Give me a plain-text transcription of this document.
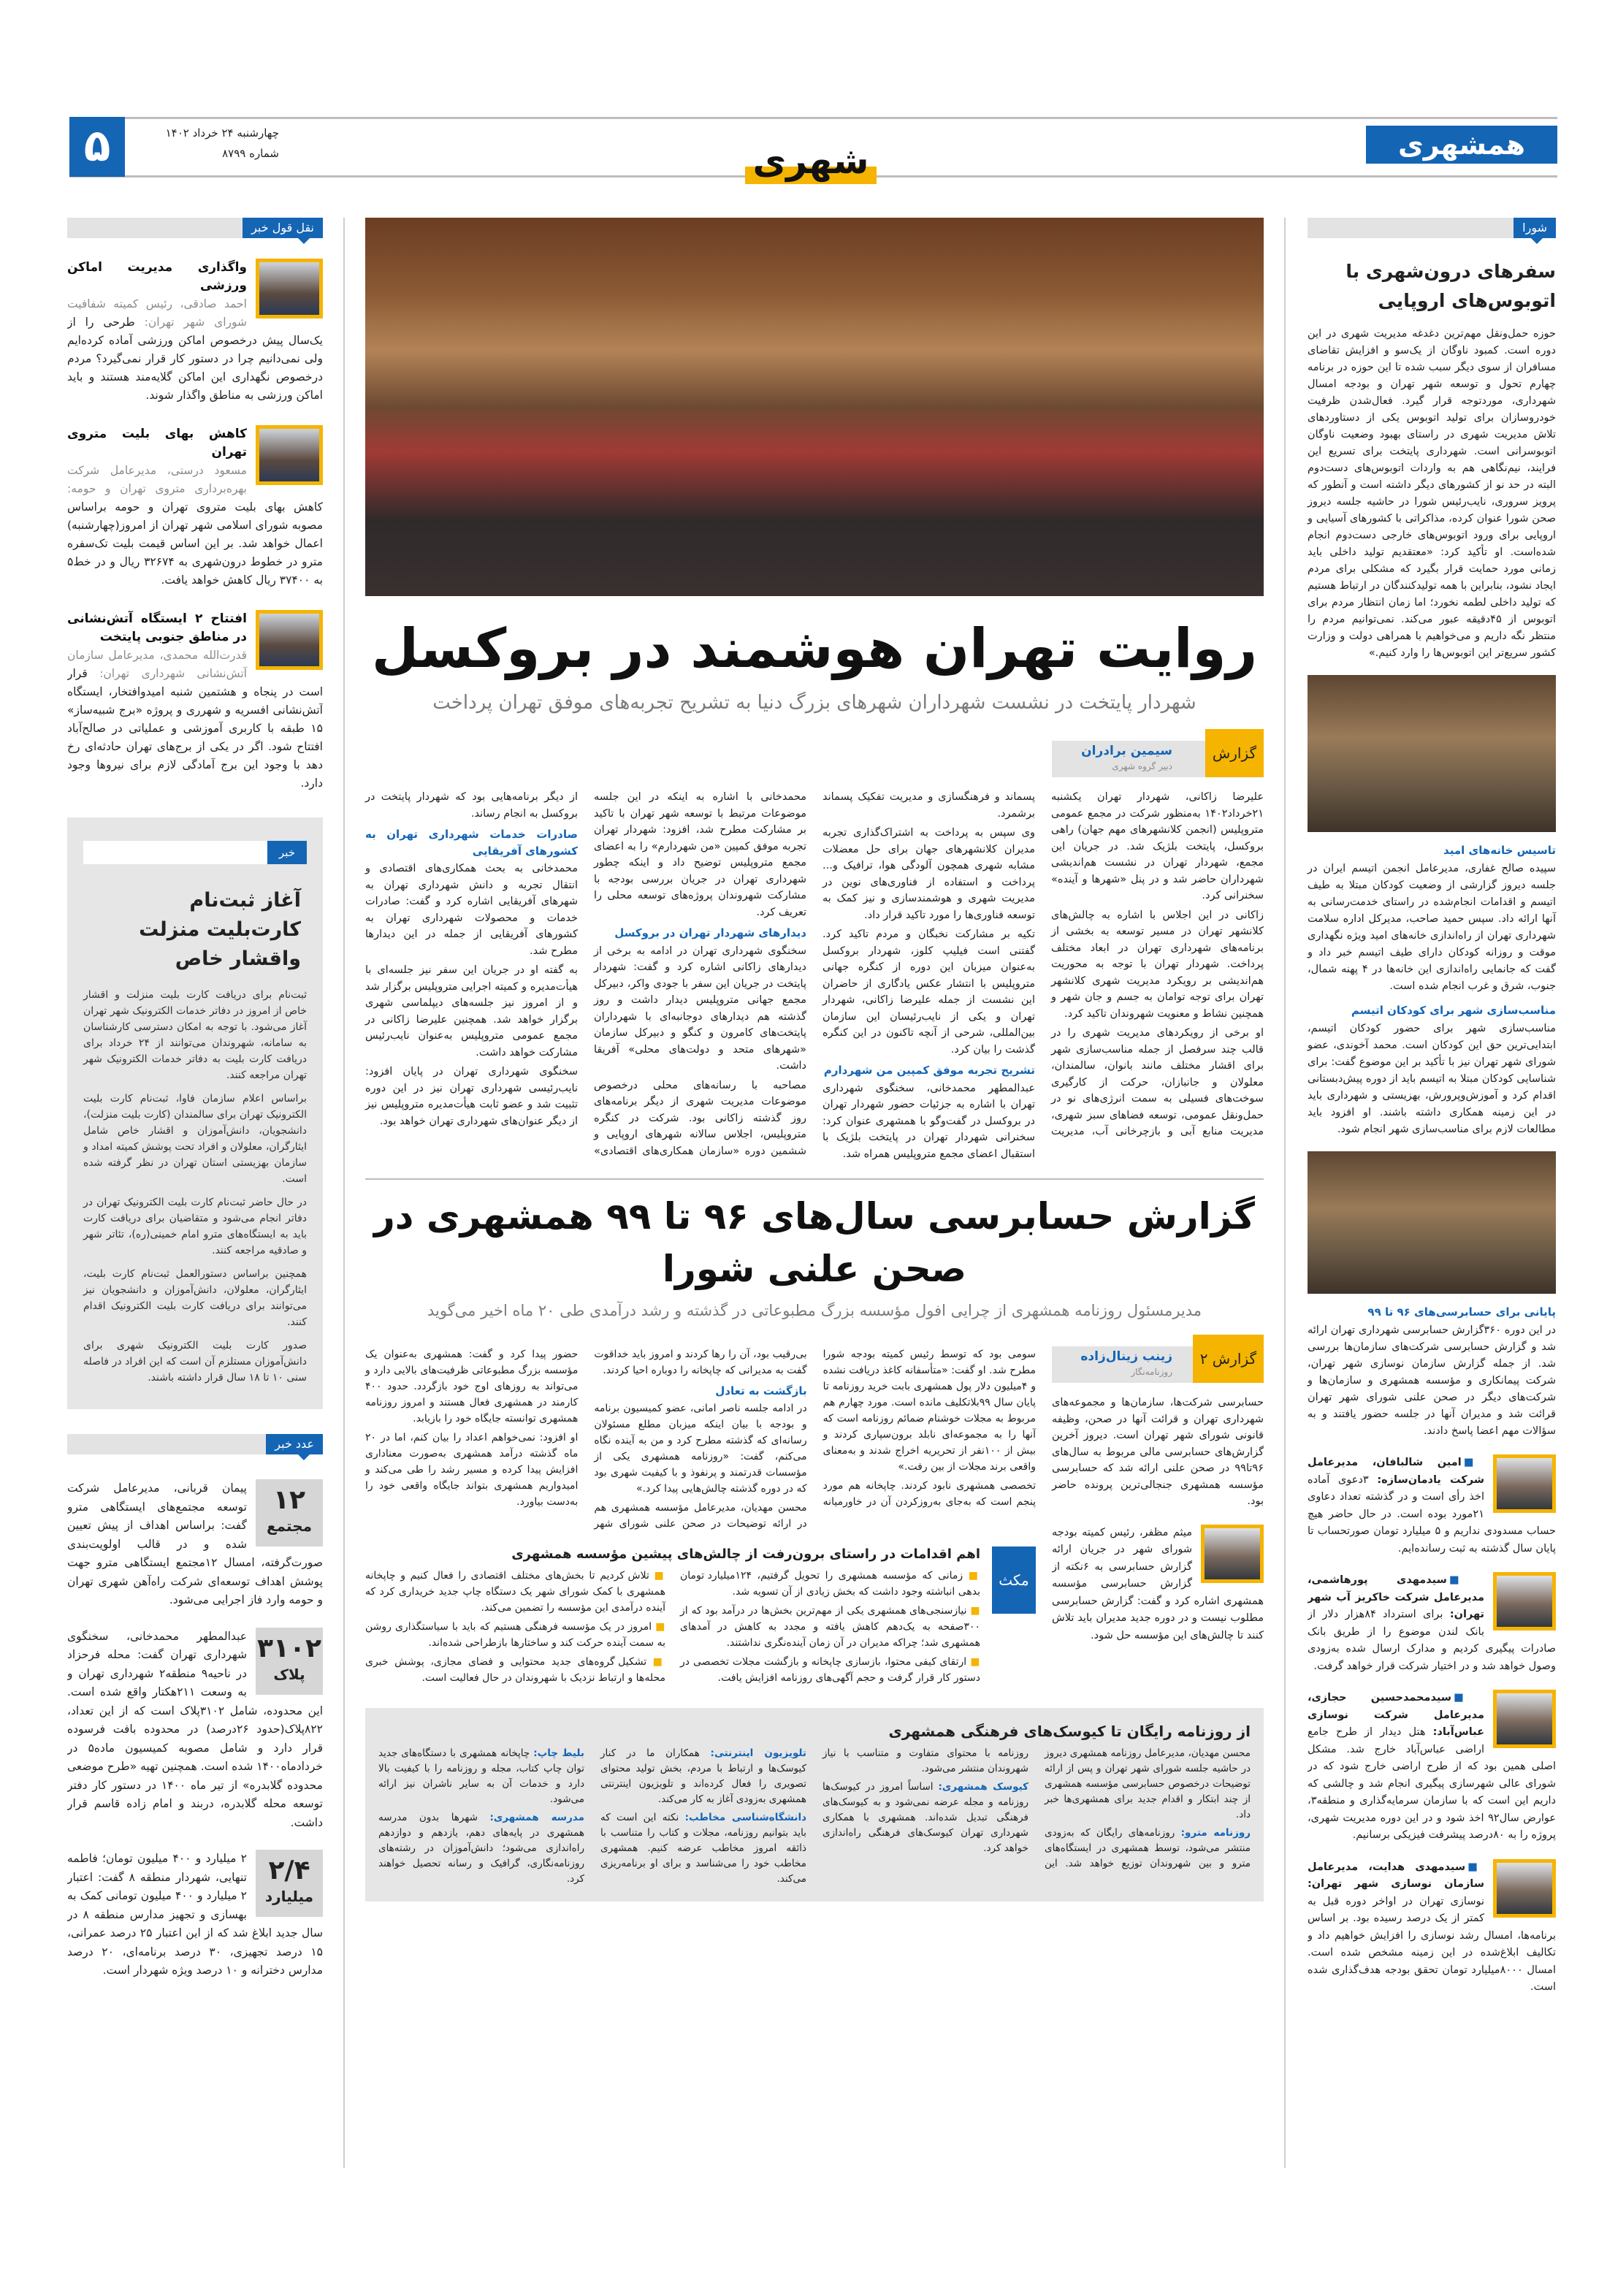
همشهری
۵	چهارشنبه ۲۴ خرداد ۱۴۰۲
شماره ۸۷۹۹	شهری
نقل قول خبر
واگذاری مدیریت اماکن ورزشی
احمد صادقی، رئیس کمیته شفافیت شورای شهر تهران: طرحی را از یک‌سال پیش درخصوص اماکن ورزشی آماده کرده‌ایم ولی نمی‌دانیم چرا در دستور کار قرار نمی‌گیرد؟ مردم درخصوص نگهداری این اماکن گلایه‌مند هستند و باید اماکن ورزشی به مناطق واگذار شوند.
کاهش بهای بلیت متروی تهران
مسعود درستی، مدیرعامل شرکت بهره‌برداری متروی تهران و حومه: کاهش بهای بلیت متروی تهران و حومه براساس مصوبه شورای اسلامی شهر تهران از امروز(چهارشنبه) اعمال خواهد شد. بر این اساس قیمت بلیت تک‌سفره مترو در خطوط درون‌شهری به ۳۲۶۷۴ ریال و در خط۵ به ۳۷۴۰۰ ریال کاهش خواهد یافت.
افتتاح ۲ ایستگاه آتش‌نشانی در مناطق جنوبی پایتخت
قدرت‌الله محمدی، مدیرعامل سازمان آتش‌نشانی شهرداری تهران: قرار است در پنجاه و هشتمین شنبه امیدوافتخار، ایستگاه آتش‌نشانی افسریه و شهرری و پروژه «برج شبیه‌ساز» ۱۵ طبقه با کاربری آموزشی و عملیاتی در صالح‌آباد افتتاح شود. اگر در یکی از برج‌های تهران حادثه‌ای رخ دهد با وجود این برج آمادگی لازم برای نیروها وجود دارد.
خبر
آغاز ثبت‌نام کارت‌بلیت منزلت واقشار خاص

ثبت‌نام برای دریافت کارت بلیت منزلت و اقشار خاص از امروز در دفاتر خدمات الکترونیک شهر تهران آغاز می‌شود. با توجه به امکان دسترسی کارشناسان به سامانه، شهروندان می‌توانند از ۲۴ خرداد برای دریافت کارت بلیت به دفاتر خدمات الکترونیک شهر تهران مراجعه کنند.

براساس اعلام سازمان فاوا، ثبت‌نام کارت بلیت الکترونیک تهران برای سالمندان (کارت بلیت منزلت)، دانشجویان، دانش‌آموزان و اقشار خاص شامل ایثارگران، معلولان و افراد تحت پوشش کمیته امداد و سازمان بهزیستی استان تهران در نظر گرفته شده است.

در حال حاضر ثبت‌نام کارت بلیت الکترونیک تهران در دفاتر انجام می‌شود و متقاضیان برای دریافت کارت باید به ایستگاه‌های مترو امام خمینی(ره)، تئاتر شهر و صادقیه مراجعه کنند.

همچنین براساس دستورالعمل ثبت‌نام کارت بلیت، ایثارگران، معلولان، دانش‌آموزان و دانشجویان نیز می‌توانند برای دریافت کارت بلیت الکترونیک اقدام کنند.

صدور کارت بلیت الکترونیک شهری برای دانش‌آموزان مستلزم آن است که این افراد در فاصله سنی ۱۰ تا ۱۸ سال قرار داشته باشند.

عدد خبر
۱۲
مجتمع

پیمان قربانی، مدیرعامل شرکت توسعه مجتمع‌های ایستگاهی مترو گفت: براساس اهداف از پیش تعیین شده و در قالب اولویت‌بندی صورت‌گرفته، امسال ۱۲مجتمع ایستگاهی مترو جهت پوشش اهداف توسعه‌ای شرکت راه‌آهن شهری تهران و حومه وارد فاز اجرایی می‌شود.

۳۱۰۲
پلاک

عبدالمطهر محمدخانی، سخنگوی شهرداری تهران گفت: محله فرحزاد در ناحیه۹ منطقه۲ شهرداری تهران و به وسعت ۲۱۱هکتار واقع شده است. این محدوده، شامل ۳۱۰۲پلاک است که از این تعداد، ۸۲۲پلاک(حدود ۲۶درصد) در محدوده بافت فرسوده قرار دارد و شامل مصوبه کمیسیون ماده۵ در خردادماه۱۴۰۰ شده است. همچنین تهیه «طرح موضعی محدوده گلابدره» از تیر ماه ۱۴۰۰ در دستور کار دفتر توسعه محله گلابدره، دربند و امام زاده قاسم قرار داشت.

۲/۴
میلیارد

۲ میلیارد و ۴۰۰ میلیون تومان؛ فاطمه تنهایی، شهردار منطقه ۸ گفت: اعتبار ۲ میلیارد و ۴۰۰ میلیون تومانی کمک به بهسازی و تجهیز مدارس منطقه ۸ در سال جدید ابلاغ شد که از این اعتبار ۲۵ درصد عمرانی، ۱۵ درصد تجهیزی، ۳۰ درصد برنامه‌ای، ۲۰ درصد مدارس دخترانه و ۱۰ درصد ویژه شهردار است.

روایت تهران هوشمند در بروکسل
شهردار پایتخت در نشست شهرداران شهرهای بزرگ دنیا به تشریح تجربه‌های موفق تهران پرداخت
گزارش
سیمین برادران
دبیر گروه شهری

علیرضا زاکانی، شهردار تهران یکشنبه ۲۱خرداد۱۴۰۲ به‌منظور شرکت در مجمع عمومی متروپلیس (انجمن کلانشهرهای مهم جهان) راهی بروکسل، پایتخت بلژیک شد. در جریان این مجمع، شهردار تهران در نشست هم‌اندیشی شهرداران حاضر شد و در پنل «شهرها و آینده» سخنرانی کرد.

زاکانی در این اجلاس با اشاره به چالش‌های کلانشهر تهران در مسیر توسعه به بخشی از برنامه‌های شهرداری تهران در ابعاد مختلف پرداخت. شهردار تهران با توجه به محوریت هم‌اندیشی بر رویکرد مدیریت شهری کلانشهر تهران برای توجه توامان به جسم و جان شهر و همچنین نشاط و معنویت شهروندان تاکید کرد.

او برخی از رویکردهای مدیریت شهری را در قالب چند سرفصل از جمله مناسب‌سازی شهر برای اقشار مختلف مانند بانوان، سالمندان، معلولان و جانبازان، حرکت از کارگیری سوخت‌های فسیلی به سمت انرژی‌های نو در حمل‌ونقل عمومی، توسعه فضاهای سبز شهری، مدیریت منابع آبی و بازچرخانی آب، مدیریت پسماند و فرهنگسازی و مدیریت تفکیک پسماند برشمرد.

وی سپس به پرداخت به اشتراک‌گذاری تجربه مدیران کلانشهرهای جهان برای حل معضلات مشابه شهری همچون آلودگی هوا، ترافیک و... پرداخت و استفاده از فناوری‌های نوین در مدیریت شهری و هوشمندسازی و نیز کمک به توسعه فناوری‌ها را مورد تاکید قرار داد.

تکیه بر مشارکت نخبگان و مردم تاکید کرد. گفتنی است فیلیپ کلوز، شهردار بروکسل به‌عنوان میزبان این دوره از کنگره جهانی متروپلیس با انتشار عکس یادگاری از حاضران این نشست از جمله علیرضا زاکانی، شهردار تهران و یکی از نایب‌رئیسان این سازمان بین‌المللی، شرحی از آنچه تاکنون در این کنگره گذشت را بیان کرد.

تشریح تجربه موفق کمپین من شهردارم

عبدالمطهر محمدخانی، سخنگوی شهرداری تهران با اشاره به جزئیات حضور شهردار تهران در بروکسل در گفت‌وگو با همشهری عنوان کرد: سخنرانی شهردار تهران در پایتخت بلژیک با استقبال اعضای مجمع متروپلیس همراه شد.

محمدخانی با اشاره به اینکه در این جلسه موضوعات مرتبط با توسعه شهر تهران با تاکید بر مشارکت مطرح شد، افزود: شهردار تهران تجربه موفق کمپین «من شهردارم» را به اعضای مجمع متروپلیس توضیح داد و اینکه چطور شهرداری تهران در جریان بررسی بودجه با مشارکت شهروندان پروژه‌های توسعه محلی را تعریف کرد.

دیدارهای شهردار تهران در بروکسل

سخنگوی شهرداری تهران در ادامه به برخی از دیدارهای زاکانی اشاره کرد و گفت: شهردار پایتخت در جریان این سفر با جودی واکر، دبیرکل مجمع جهانی متروپلیس دیدار داشت و روز گذشته هم دیدارهای دوجانبه‌ای با شهرداران پایتخت‌های کامرون و کنگو و دبیرکل سازمان «شهرهای متحد و دولت‌های محلی» آفریقا داشت.

مصاحبه با رسانه‌های محلی درخصوص موضوعات مدیریت شهری از دیگر برنامه‌های روز گذشته زاکانی بود. شرکت در کنگره متروپلیس، اجلاس سالانه شهرهای اروپایی و ششمین دوره «سازمان همکاری‌های اقتصادی» از دیگر برنامه‌هایی بود که شهردار پایتخت در بروکسل به انجام رساند.

صادرات خدمات شهرداری تهران به کشورهای آفریقایی

محمدخانی به بحث همکاری‌های اقتصادی و انتقال تجربه و دانش شهرداری تهران به شهرهای آفریقایی اشاره کرد و گفت: صادرات خدمات و محصولات شهرداری تهران به کشورهای آفریقایی از جمله در این دیدارها مطرح شد.

به گفته او در جریان این سفر نیز جلسه‌ای با هیأت‌مدیره و کمیته اجرایی متروپلیس برگزار شد و از امروز نیز جلسه‌های دیپلماسی شهری برگزار خواهد شد. همچنین علیرضا زاکانی در مجمع عمومی متروپلیس به‌عنوان نایب‌رئیس مشارکت خواهد داشت.

سخنگوی شهرداری تهران در پایان افزود: نایب‌رئیسی شهرداری تهران نیز در این دوره تثبیت شد و عضو ثابت هیأت‌مدیره متروپلیس نیز از دیگر عنوان‌های شهرداری تهران خواهد بود.

گزارش حسابرسی سال‌های ۹۶ تا ۹۹ همشهری در صحن علنی شورا
مدیرمسئول روزنامه همشهری از چرایی افول مؤسسه بزرگ مطبوعاتی در گذشته و رشد درآمدی طی ۲۰ ماه اخیر می‌گوید
گزارش ۲
زینب زینال‌زاده
روزنامه‌نگار
حسابرسی شرکت‌ها، سازمان‌ها و مجموعه‌های شهرداری تهران و قرائت آنها در صحن، وظیفه قانونی شورای شهر تهران است. دیروز آخرین گزارش‌های حسابرسی مالی مربوط به سال‌های ۹۶تا۹۹ در صحن علنی ارائه شد که حسابرسی مؤسسه همشهری جنجالی‌ترین پرونده حاضر بود.

میثم مظفر، رئیس کمیته بودجه شورای شهر در جریان ارائه گزارش حسابرسی به ۶نکته از گزارش حسابرسی مؤسسه همشهری اشاره کرد و گفت: گزارش حسابرسی مطلوب نیست و در دوره جدید مدیران باید تلاش کنند تا چالش‌های این مؤسسه حل شود.

سومی بود که توسط رئیس کمیته بودجه شورا مطرح شد. او گفت: «متأسفانه کاغذ دریافت نشده و ۴میلیون دلار پول همشهری بابت خرید روزنامه تا پایان سال ۹۹بلاتکلیف مانده است. مورد چهارم هم مربوط به مجلات خوشنام ضمائم روزنامه است که آنها را به مجموعه‌ای نابلد برون‌سپاری کردند و بیش از ۱۰۰نفر از تحریریه اخراج شدند و به‌معنای واقعی برند مجلات از بین رفت.»

تخصصی همشهری نابود کردند. چاپخانه هم مورد پنجم است که به‌جای به‌روزکردن آن در خاورمیانه بی‌رقیب بود، آن را رها کردند و امروز باید خداقوت گفت به مدیرانی که چاپخانه را دوباره احیا کردند.

بازگشت به تعادل

در ادامه جلسه ناصر امانی، عضو کمیسیون برنامه و بودجه با بیان اینکه میزبان مطلع مسئولان رسانه‌ای که گذشته مطرح کرد و من به آینده نگاه می‌کنم، گفت: «روزنامه همشهری یکی از مؤسسات قدرتمند و پرنفوذ و با کیفیت شهری بود که در دوره گذشته چالش‌هایی پیدا کرد.»

محسن مهدیان، مدیرعامل مؤسسه همشهری هم در ارائه توضیحات در صحن علنی شورای شهر حضور پیدا کرد و گفت: همشهری به‌عنوان یک مؤسسه بزرگ مطبوعاتی ظرفیت‌های بالایی دارد و می‌تواند به روزهای اوج خود بازگردد. حدود ۴۰۰ کارمند در همشهری فعال هستند و امروز روزنامه همشهری توانسته جایگاه خود را بازیابد.

او افزود: نمی‌خواهم اعداد را بیان کنم، اما در ۲۰ ماه گذشته درآمد همشهری به‌صورت معناداری افزایش پیدا کرده و مسیر رشد را طی می‌کند و امیدواریم همشهری بتواند جایگاه واقعی خود را به‌دست بیاورد.

مکث
اهم اقدامات در راستای برون‌رفت از چالش‌های پیشین مؤسسه همشهری
■ زمانی که مؤسسه همشهری را تحویل گرفتیم، ۱۲۴میلیارد تومان بدهی انباشته وجود داشت که بخش زیادی از آن تسویه شد.
■ نیازسنجی‌های همشهری یکی از مهم‌ترین بخش‌ها در درآمد بود که از ۳۰۰صفحه به یک‌دهم کاهش یافته و مجدد به کاهش در آمدهای همشهری شد؛ چراکه مدیران در آن زمان آینده‌نگری نداشتند.
■ ارتقای کیفی محتوا، بازسازی چاپخانه و بازگشت مجلات تخصصی در دستور کار قرار گرفت و حجم آگهی‌های روزنامه افزایش یافت.
■ تلاش کردیم تا بخش‌های مختلف اقتصادی را فعال کنیم و چاپخانه همشهری با کمک شورای شهر یک دستگاه چاپ جدید خریداری کرد که آینده درآمدی این مؤسسه را تضمین می‌کند.
■ امروز در یک مؤسسه فرهنگی هستیم که باید با سیاستگذاری روشن به سمت آینده حرکت کند و ساختارها بازطراحی شده‌اند.
■ تشکیل گروه‌های جدید محتوایی و فضای مجازی، پوشش خبری محله‌ها و ارتباط نزدیک با شهروندان در حال فعالیت است.
از روزنامه رایگان تا کیوسک‌های فرهنگی همشهری

محسن مهدیان، مدیرعامل روزنامه همشهری دیروز در حاشیه جلسه شورای شهر تهران و پس از ارائه توضیحات درخصوص حسابرسی مؤسسه همشهری از چند ابتکار و اقدام جدید برای همشهری‌ها خبر داد.

روزنامه مترو: روزنامه‌های رایگان که به‌زودی منتشر می‌شود، توسط همشهری در ایستگاه‌های مترو و بین شهروندان توزیع خواهد شد. این روزنامه با محتوای متفاوت و متناسب با نیاز شهروندان منتشر می‌شود.

کیوسک همشهری: اساساً امروز در کیوسک‌ها روزنامه و مجله عرضه نمی‌شود و به کیوسک‌های فرهنگی تبدیل شده‌اند. همشهری با همکاری شهرداری تهران کیوسک‌های فرهنگی راه‌اندازی خواهد کرد.

تلویزیون اینترنتی: همکاران ما در کنار کیوسک‌ها و ارتباط با مردم، بخش تولید محتوای تصویری را فعال کرده‌اند و تلویزیون اینترنتی همشهری به‌زودی آغاز به کار می‌کند.

دانشگاه‌شناسی مخاطب: نکته این است که باید بتوانیم روزنامه، مجلات و کتاب را متناسب با ذائقه امروز مخاطب عرضه کنیم. همشهری مخاطب خود را می‌شناسد و برای او برنامه‌ریزی می‌کند.

بلیط چاپ: چاپخانه همشهری با دستگاه‌های جدید توان چاپ کتاب، مجله و روزنامه را با کیفیت بالا دارد و خدمات آن به سایر ناشران نیز ارائه می‌شود.

مدرسه همشهری: شهرها بدون مدرسه همشهری در پایه‌های دهم، یازدهم و دوازدهم راه‌اندازی می‌شود؛ دانش‌آموزان در رشته‌های روزنامه‌نگاری، گرافیک و رسانه تحصیل خواهند کرد.

شورا
سفرهای درون‌شهری با اتوبوس‌های اروپایی
حوزه حمل‌ونقل مهم‌ترین دغدغه مدیریت شهری در این دوره است. کمبود ناوگان از یک‌سو و افزایش تقاضای مسافران از سوی دیگر سبب شده تا این حوزه در برنامه چهارم تحول و توسعه شهر تهران و بودجه امسال شهرداری، موردتوجه قرار گیرد. فعال‌شدن ظرفیت خودروسازان برای تولید اتوبوس یکی از دستاوردهای تلاش مدیریت شهری در راستای بهبود وضعیت ناوگان اتوبوسرانی است. شهرداری پایتخت برای تسریع این فرایند، نیم‌نگاهی هم به واردات اتوبوس‌های دست‌دوم البته در حد نو از کشورهای دیگر داشته است و آنطور که پرویز سروری، نایب‌رئیس شورا در حاشیه جلسه دیروز صحن شورا عنوان کرده، مذاکراتی با کشورهای آسیایی و اروپایی برای ورود اتوبوس‌های خارجی دست‌دوم انجام شده‌است. او تأکید کرد: «معتقدیم تولید داخلی باید زمانی مورد حمایت قرار بگیرد که مشکلی برای مردم ایجاد نشود، بنابراین با همه تولیدکنندگان در ارتباط هستیم که تولید داخلی لطمه نخورد؛ اما زمان انتظار مردم برای اتوبوس از ۴۵دقیقه عبور می‌کند. نمی‌توانیم مردم را منتظر نگه داریم و می‌خواهیم با همراهی دولت و وزارت کشور سریع‌تر این اتوبوس‌ها را وارد کنیم.»
تاسیس خانه‌های امید

سپیده صالح غفاری، مدیرعامل انجمن اتیسم ایران در جلسه دیروز گزارشی از وضعیت کودکان مبتلا به طیف اتیسم و اقدامات انجام‌شده در راستای خدمت‌رسانی به آنها ارائه داد. سپس حمید صاحب، مدیرکل اداره سلامت شهرداری تهران از راه‌اندازی خانه‌های امید ویژه نگهداری موقت و روزانه کودکان دارای طیف اتیسم خبر داد و گفت که جانمایی راه‌اندازی این خانه‌ها در ۴ پهنه شمال، جنوب، شرق و غرب انجام شده است.

مناسب‌سازی شهر برای کودکان اتیسم

مناسب‌سازی شهر برای حضور کودکان اتیسم، ابتدایی‌ترین حق این کودکان است. محمد آخوندی، عضو شورای شهر تهران نیز با تأکید بر این موضوع گفت: برای شناسایی کودکان مبتلا به اتیسم باید از دوره پیش‌دبستانی اقدام کرد و آموزش‌وپرورش، بهزیستی و شهرداری باید در این زمینه همکاری داشته باشند. او افزود باید مطالعات لازم برای مناسب‌سازی شهر انجام شود.

پایانی برای حسابرسی‌های ۹۶ تا ۹۹

در این دوره ۳۶۰گزارش حسابرسی شهرداری تهران ارائه شد و گزارش حسابرسی شرکت‌های سازمان‌ها بررسی شد. از جمله گزارش سازمان نوسازی شهر تهران، شرکت پیمانکاری و مؤسسه همشهری و سازمان‌ها و شرکت‌های دیگر در صحن علنی شورای شهر تهران قرائت شد و مدیران آنها در جلسه حضور یافتند و به سؤالات مهم اعضا پاسخ دادند.

■ امین شالبافان، مدیرعامل شرکت یادمان‌سازه: ۳دعوی آماده اخذ رأی است و در گذشته تعداد دعاوی ۲۱مورد بوده است. در حال حاضر هیچ حساب مسدودی نداریم و ۵ میلیارد تومان صورتحساب تا پایان سال گذشته به ثبت رسانده‌ایم.

■ سیدمهدی پورهاشمی، مدیرعامل شرکت خاکریز آب شهر تهران: برای استرداد ۸۴هزار دلار از بانک لندن موضوع را از طریق بانک صادرات پیگیری کردیم و مدارک ارسال شده به‌زودی وصول خواهد شد و در اختیار شرکت قرار خواهد گرفت.

■ سیدمحمدحسین حجازی، مدیرعامل شرکت نوسازی عباس‌آباد: هتل دیدار از طرح جامع اراضی عباس‌آباد خارج شد. مشکل اصلی همین بود که از طرح اراضی خارج شود که در شورای عالی شهرسازی پیگیری انجام شد و چالشی که داریم این است که با سازمان سرمایه‌گذاری و منطقه۳، عوارض سال۹۲ اخذ شود و در این دوره مدیریت شهری، پروژه را به ۸۰درصد پیشرفت فیزیکی برسانیم.

■ سیدمهدی هدایت، مدیرعامل سازمان نوسازی شهر تهران: نوسازی تهران در اواخر دوره قبل به کمتر از یک درصد رسیده بود. بر اساس برنامه‌ها، امسال رشد نوسازی را افزایش خواهیم داد و تکالیف ابلاغ‌شده در این زمینه مشخص شده است. امسال ۸۰۰۰میلیارد تومان تحقق بودجه هدف‌گذاری شده است.
